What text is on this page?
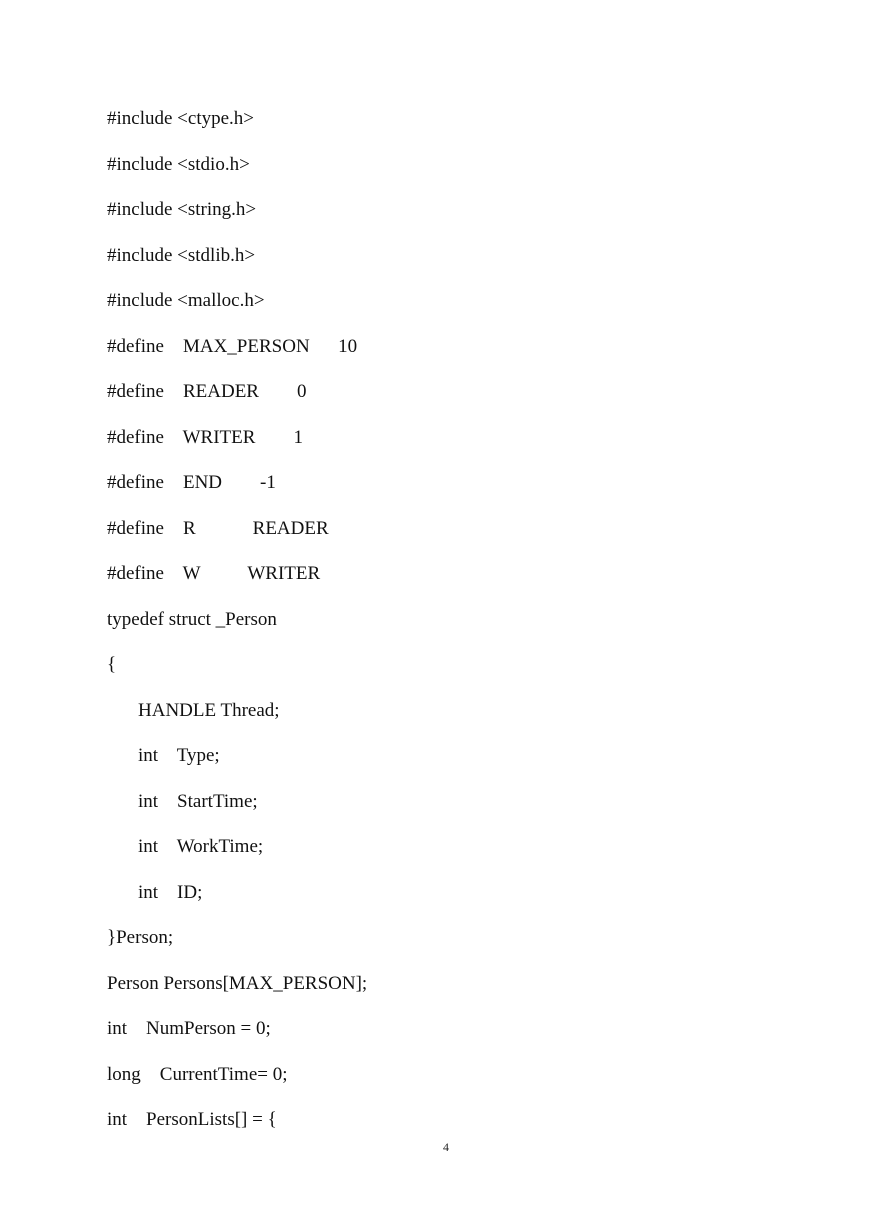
#include <ctype.h>
#include <stdio.h>
#include <string.h>
#include <stdlib.h>
#include <malloc.h>
#define    MAX_PERSON      10
#define    READER        0
#define    WRITER        1
#define    END        -1
#define    R            READER
#define    W          WRITER
typedef struct _Person
{
HANDLE Thread;
int    Type;
int    StartTime;
int    WorkTime;
int    ID;
}Person;
Person Persons[MAX_PERSON];
int    NumPerson = 0;
long    CurrentTime= 0;
int    PersonLists[] = {
4
